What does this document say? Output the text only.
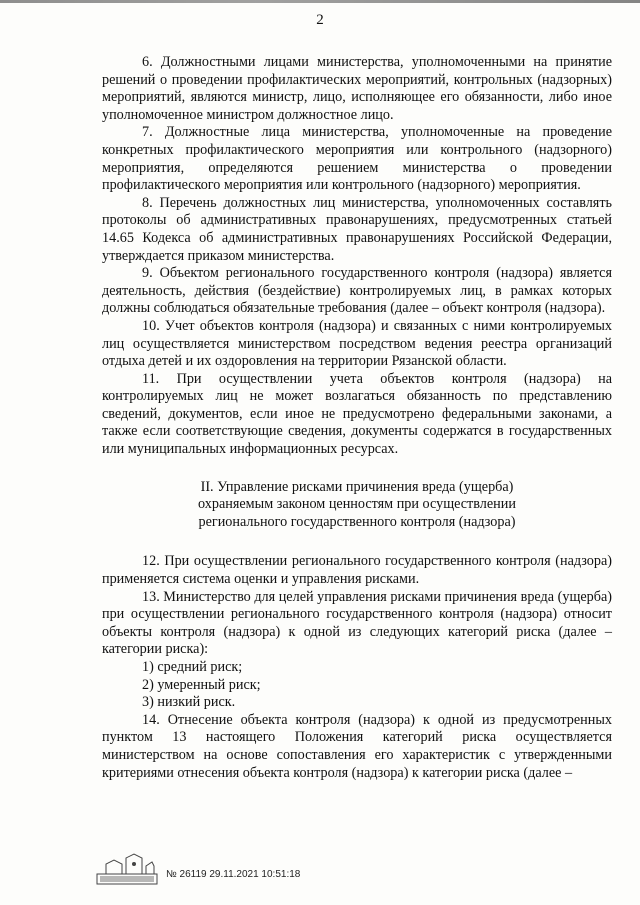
2

6. Должностными лицами министерства, уполномоченными на принятие решений о проведении профилактических мероприятий, контрольных (надзорных) мероприятий, являются министр, лицо, исполняющее его обязанности, либо иное уполномоченное министром должностное лицо.

7. Должностные лица министерства, уполномоченные на проведение конкретных профилактического мероприятия или контрольного (надзорного) мероприятия, определяются решением министерства о проведении профилактического мероприятия или контрольного (надзорного) мероприятия.

8. Перечень должностных лиц министерства, уполномоченных составлять протоколы об административных правонарушениях, предусмотренных статьей 14.65 Кодекса об административных правонарушениях Российской Федерации, утверждается приказом министерства.

9. Объектом регионального государственного контроля (надзора) является деятельность, действия (бездействие) контролируемых лиц, в рамках которых должны соблюдаться обязательные требования (далее – объект контроля (надзора).

10. Учет объектов контроля (надзора) и связанных с ними контролируемых лиц осуществляется министерством посредством ведения реестра организаций отдыха детей и их оздоровления на территории Рязанской области.

11. При осуществлении учета объектов контроля (надзора) на контролируемых лиц не может возлагаться обязанность по представлению сведений, документов, если иное не предусмотрено федеральными законами, а также если соответствующие сведения, документы содержатся в государственных или муниципальных информационных ресурсах.

II. Управление рисками причинения вреда (ущерба)
охраняемым законом ценностям при осуществлении
регионального государственного контроля (надзора)

12. При осуществлении регионального государственного контроля (надзора) применяется система оценки и управления рисками.

13. Министерство для целей управления рисками причинения вреда (ущерба) при осуществлении регионального государственного контроля (надзора) относит объекты контроля (надзора) к одной из следующих категорий риска (далее – категории риска):

1) средний риск;

2) умеренный риск;

3) низкий риск.

14. Отнесение объекта контроля (надзора) к одной из предусмотренных пунктом 13 настоящего Положения категорий риска осуществляется министерством на основе сопоставления его характеристик с утвержденными критериями отнесения объекта контроля (надзора) к категории риска (далее –

№ 26119 29.11.2021 10:51:18
